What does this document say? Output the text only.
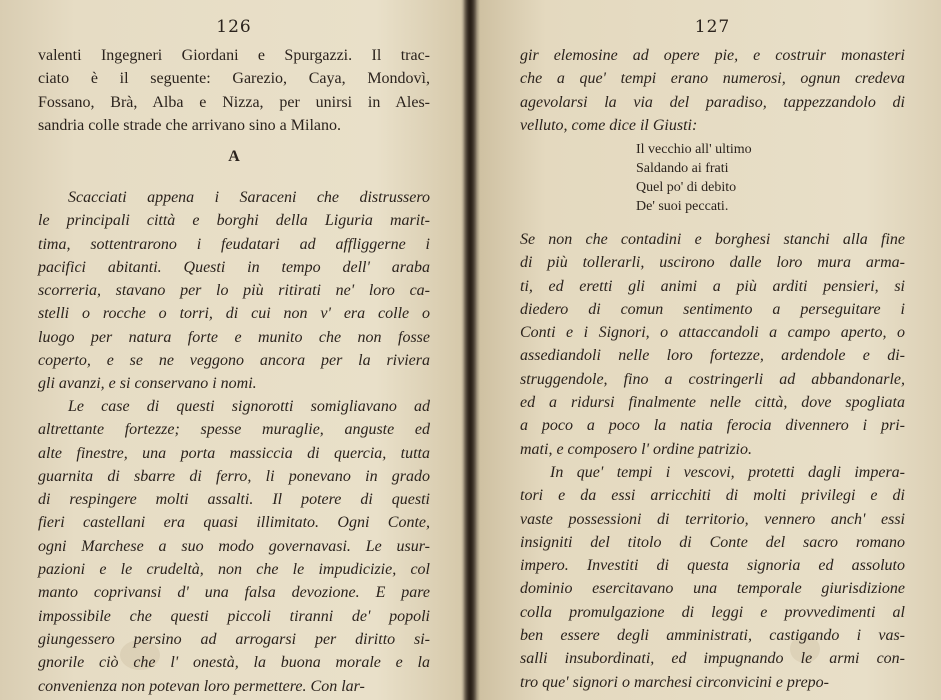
126
valenti Ingegneri Giordani e Spurgazzi. Il trac-
ciato è il seguente: Garezio, Caya, Mondovì,
Fossano, Brà, Alba e Nizza, per unirsi in Ales-
sandria colle strade che arrivano sino a Milano.
A
Scacciati appena i Saraceni che distrussero
le principali città e borghi della Liguria marit-
tima, sottentrarono i feudatari ad affliggerne i
pacifici abitanti. Questi in tempo dell' araba
scorreria, stavano per lo più ritirati ne' loro ca-
stelli o rocche o torri, di cui non v' era colle o
luogo per natura forte e munito che non fosse
coperto, e se ne veggono ancora per la riviera
gli avanzi, e si conservano i nomi.
Le case di questi signorotti somigliavano ad
altrettante fortezze; spesse muraglie, anguste ed
alte finestre, una porta massiccia di quercia, tutta
guarnita di sbarre di ferro, li ponevano in grado
di respingere molti assalti. Il potere di questi
fieri castellani era quasi illimitato. Ogni Conte,
ogni Marchese a suo modo governavasi. Le usur-
pazioni e le crudeltà, non che le impudicizie, col
manto coprivansi d' una falsa devozione. E pare
impossibile che questi piccoli tiranni de' popoli
giungessero persino ad arrogarsi per diritto si-
gnorile ciò che l' onestà, la buona morale e la
convenienza non potevan loro permettere. Con lar-
127
gir elemosine ad opere pie, e costruir monasteri
che a que' tempi erano numerosi, ognun credeva
agevolarsi la via del paradiso, tappezzandolo di
velluto, come dice il Giusti:
Il vecchio all' ultimo
Saldando ai frati
Quel po' di debito
De' suoi peccati.
Se non che contadini e borghesi stanchi alla fine
di più tollerarli, uscirono dalle loro mura arma-
ti, ed eretti gli animi a più arditi pensieri, si
diedero di comun sentimento a perseguitare i
Conti e i Signori, o attaccandoli a campo aperto, o
assediandoli nelle loro fortezze, ardendole e di-
struggendole, fino a costringerli ad abbandonarle,
ed a ridursi finalmente nelle città, dove spogliata
a poco a poco la natia ferocia divennero i pri-
mati, e composero l' ordine patrizio.
In que' tempi i vescovi, protetti dagli impera-
tori e da essi arricchiti di molti privilegi e di
vaste possessioni di territorio, vennero anch' essi
insigniti del titolo di Conte del sacro romano
impero. Investiti di questa signoria ed assoluto
dominio esercitavano una temporale giurisdizione
colla promulgazione di leggi e provvedimenti al
ben essere degli amministrati, castigando i vas-
salli insubordinati, ed impugnando le armi con-
tro que' signori o marchesi circonvicini e prepo-
